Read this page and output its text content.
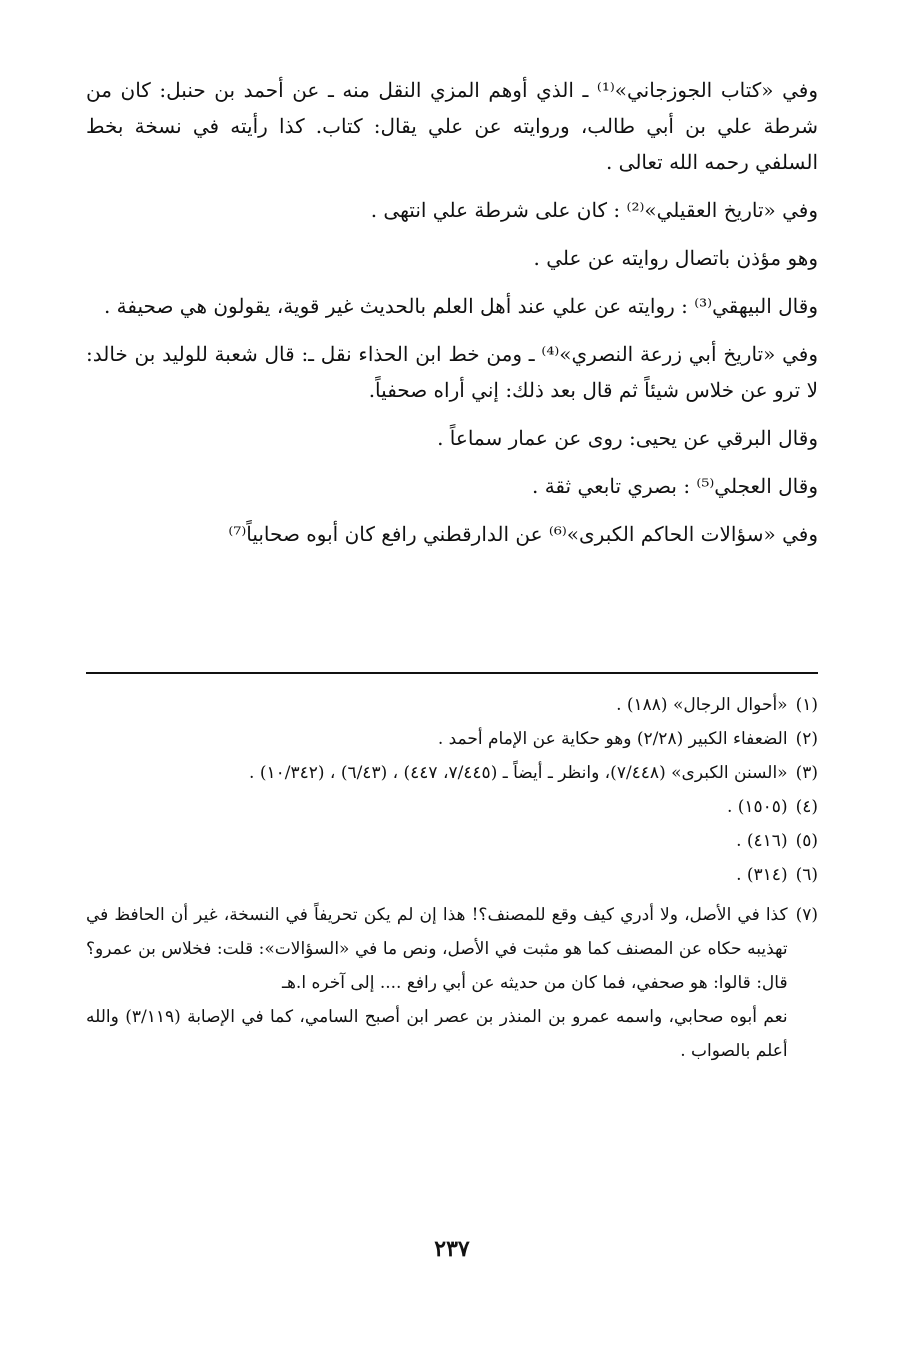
وفي «كتاب الجوزجاني»⁽¹⁾ ـ الذي أوهم المزي النقل منه ـ عن أحمد بن حنبل: كان من شرطة علي بن أبي طالب، وروايته عن علي يقال: كتاب. كذا رأيته في نسخة بخط السلفي رحمه الله تعالى .

وفي «تاريخ العقيلي»⁽²⁾ : كان على شرطة علي انتهى .

وهو مؤذن باتصال روايته عن علي .

وقال البيهقي⁽³⁾ : روايته عن علي عند أهل العلم بالحديث غير قوية، يقولون هي صحيفة .

وفي «تاريخ أبي زرعة النصري»⁽⁴⁾ ـ ومن خط ابن الحذاء نقل ـ: قال شعبة للوليد بن خالد: لا ترو عن خلاس شيئاً ثم قال بعد ذلك: إني أراه صحفياً.

وقال البرقي عن يحيى: روى عن عمار سماعاً .

وقال العجلي⁽⁵⁾ : بصري تابعي ثقة .

وفي «سؤالات الحاكم الكبرى»⁽⁶⁾ عن الدارقطني رافع كان أبوه صحابياً⁽⁷⁾

(١)

«أحوال الرجال» (١٨٨) .

(٢)

الضعفاء الكبير (٢/٢٨) وهو حكاية عن الإمام أحمد .

(٣)

«السنن الكبرى» (٧/٤٤٨)، وانظر ـ أيضاً ـ (٧/٤٤٥، ٤٤٧) ، (٦/٤٣) ، (١٠/٣٤٢) .

(٤)

(١٥٠٥) .

(٥)

(٤١٦) .

(٦)

(٣١٤) .

(٧)

كذا في الأصل، ولا أدري كيف وقع للمصنف؟! هذا إن لم يكن تحريفاً في النسخة، غير أن الحافظ في تهذيبه حكاه عن المصنف كما هو مثبت في الأصل، ونص ما في «السؤالات»: قلت: فخلاس بن عمرو؟ قال: قالوا: هو صحفي، فما كان من حديثه عن أبي رافع .... إلى آخره ا.هـ

نعم أبوه صحابي، واسمه عمرو بن المنذر بن عصر ابن أصبح السامي، كما في الإصابة (٣/١١٩) والله أعلم بالصواب .

٢٣٧
